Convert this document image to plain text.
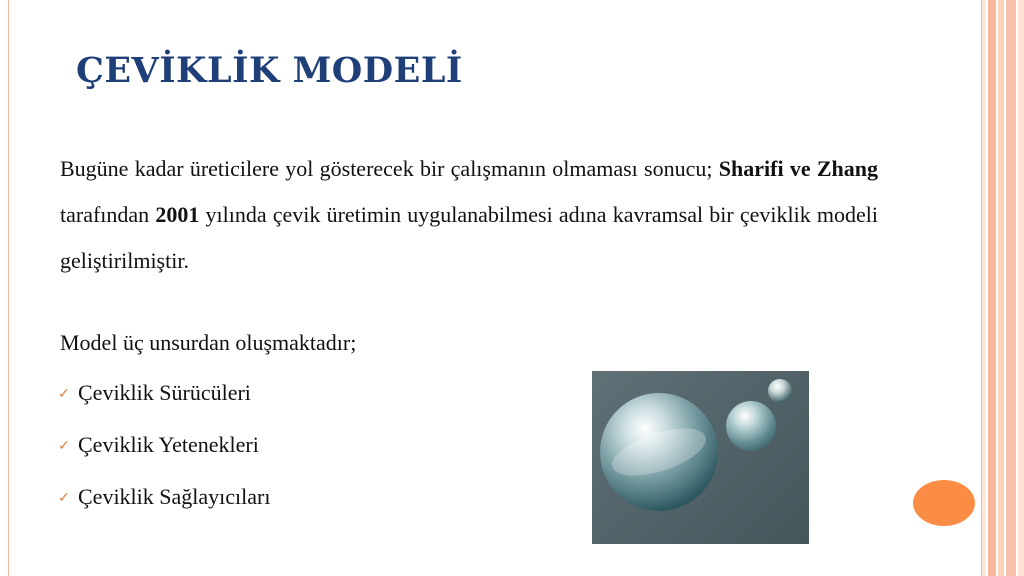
ÇEVİKLİK MODELİ
Bugüne kadar üreticilere yol gösterecek bir çalışmanın olmaması sonucu; Sharifi ve Zhang tarafından 2001 yılında çevik üretimin uygulanabilmesi adına kavramsal bir çeviklik modeli geliştirilmiştir.
Model üç unsurdan oluşmaktadır;
✓ Çeviklik Sürücüleri
✓ Çeviklik Yetenekleri
✓ Çeviklik Sağlayıcıları
